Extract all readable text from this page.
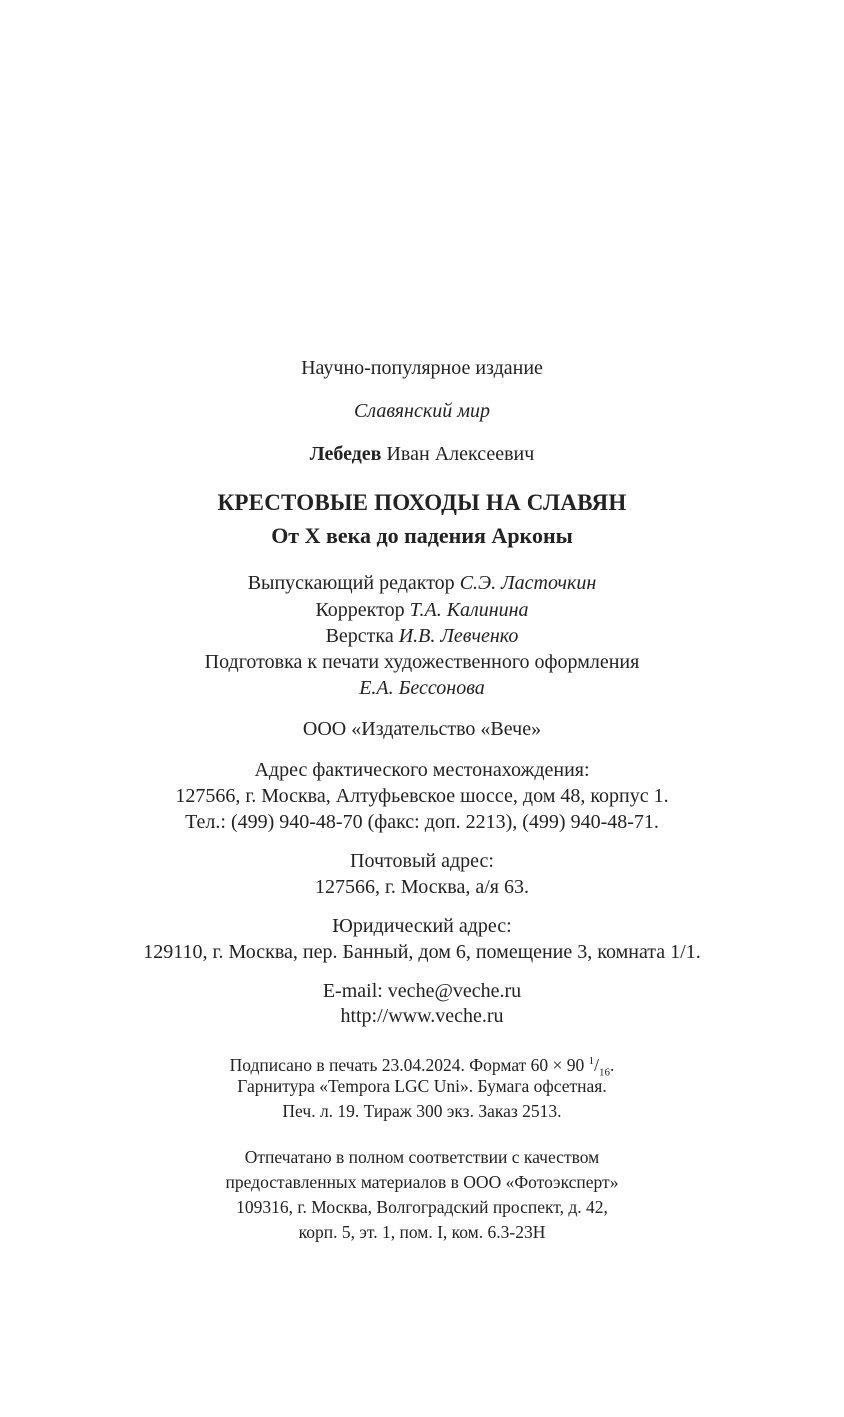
Научно-популярное издание
Славянский мир
Лебедев Иван Алексеевич
КРЕСТОВЫЕ ПОХОДЫ НА СЛАВЯН
От X века до падения Арконы
Выпускающий редактор С.Э. Ласточкин
Корректор Т.А. Калинина
Верстка И.В. Левченко
Подготовка к печати художественного оформления
Е.А. Бессонова
ООО «Издательство «Вече»
Адрес фактического местонахождения:
127566, г. Москва, Алтуфьевское шоссе, дом 48, корпус 1.
Тел.: (499) 940-48-70 (факс: доп. 2213), (499) 940-48-71.
Почтовый адрес:
127566, г. Москва, а/я 63.
Юридический адрес:
129110, г. Москва, пер. Банный, дом 6, помещение 3, комната 1/1.
E-mail: veche@veche.ru
http://www.veche.ru
Подписано в печать 23.04.2024. Формат 60 × 90 $^1/_{16}$.
Гарнитура «Tempora LGC Uni». Бумага офсетная.
Печ. л. 19. Тираж 300 экз. Заказ 2513.
Отпечатано в полном соответствии с качеством
предоставленных материалов в ООО «Фотоэксперт»
109316, г. Москва, Волгоградский проспект, д. 42,
корп. 5, эт. 1, пом. I, ком. 6.3-23Н
